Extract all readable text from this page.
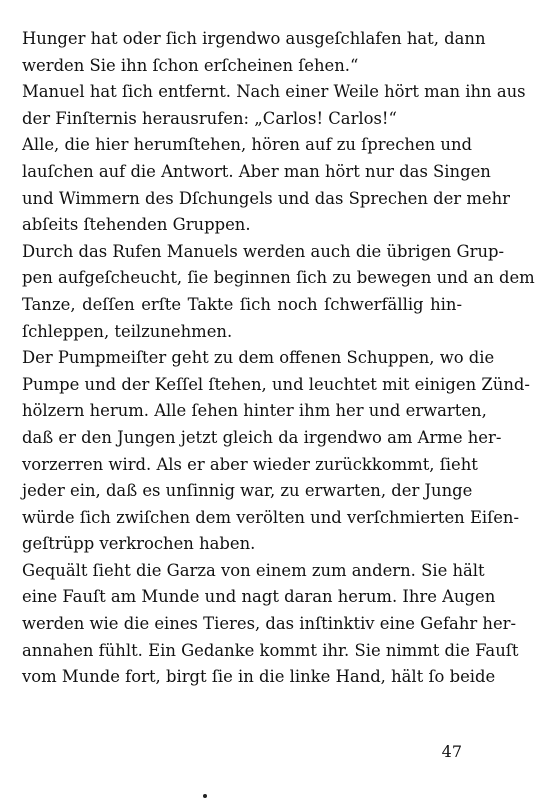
Hunger hat oder ſich irgendwo ausgeſchlafen hat, dann
werden Sie ihn ſchon erſcheinen ſehen.“
Manuel hat ſich entfernt. Nach einer Weile hört man ihn aus
der Finſternis herausrufen: „Carlos! Carlos!“
Alle, die hier herumſtehen, hören auf zu ſprechen und
lauſchen auf die Antwort. Aber man hört nur das Singen
und Wimmern des Dſchungels und das Sprechen der mehr
abſeits ſtehenden Gruppen.
Durch das Rufen Manuels werden auch die übrigen Grup-
pen aufgeſcheucht, ſie beginnen ſich zu bewegen und an dem
Tanze, deſſen erſte Takte ſich noch ſchwerfällig hin-
ſchleppen, teilzunehmen.
Der Pumpmeiſter geht zu dem offenen Schuppen, wo die
Pumpe und der Keſſel ſtehen, und leuchtet mit einigen Zünd-
hölzern herum. Alle ſehen hinter ihm her und erwarten,
daß er den Jungen jetzt gleich da irgendwo am Arme her-
vorzerren wird. Als er aber wieder zurückkommt, ſieht
jeder ein, daß es unſinnig war, zu erwarten, der Junge
würde ſich zwiſchen dem verölten und verſchmierten Eiſen-
geſtrüpp verkrochen haben.
Gequält ſieht die Garza von einem zum andern. Sie hält
eine Fauſt am Munde und nagt daran herum. Ihre Augen
werden wie die eines Tieres, das inſtinktiv eine Gefahr her-
annahen fühlt. Ein Gedanke kommt ihr. Sie nimmt die Fauſt
vom Munde fort, birgt ſie in die linke Hand, hält ſo beide
47
